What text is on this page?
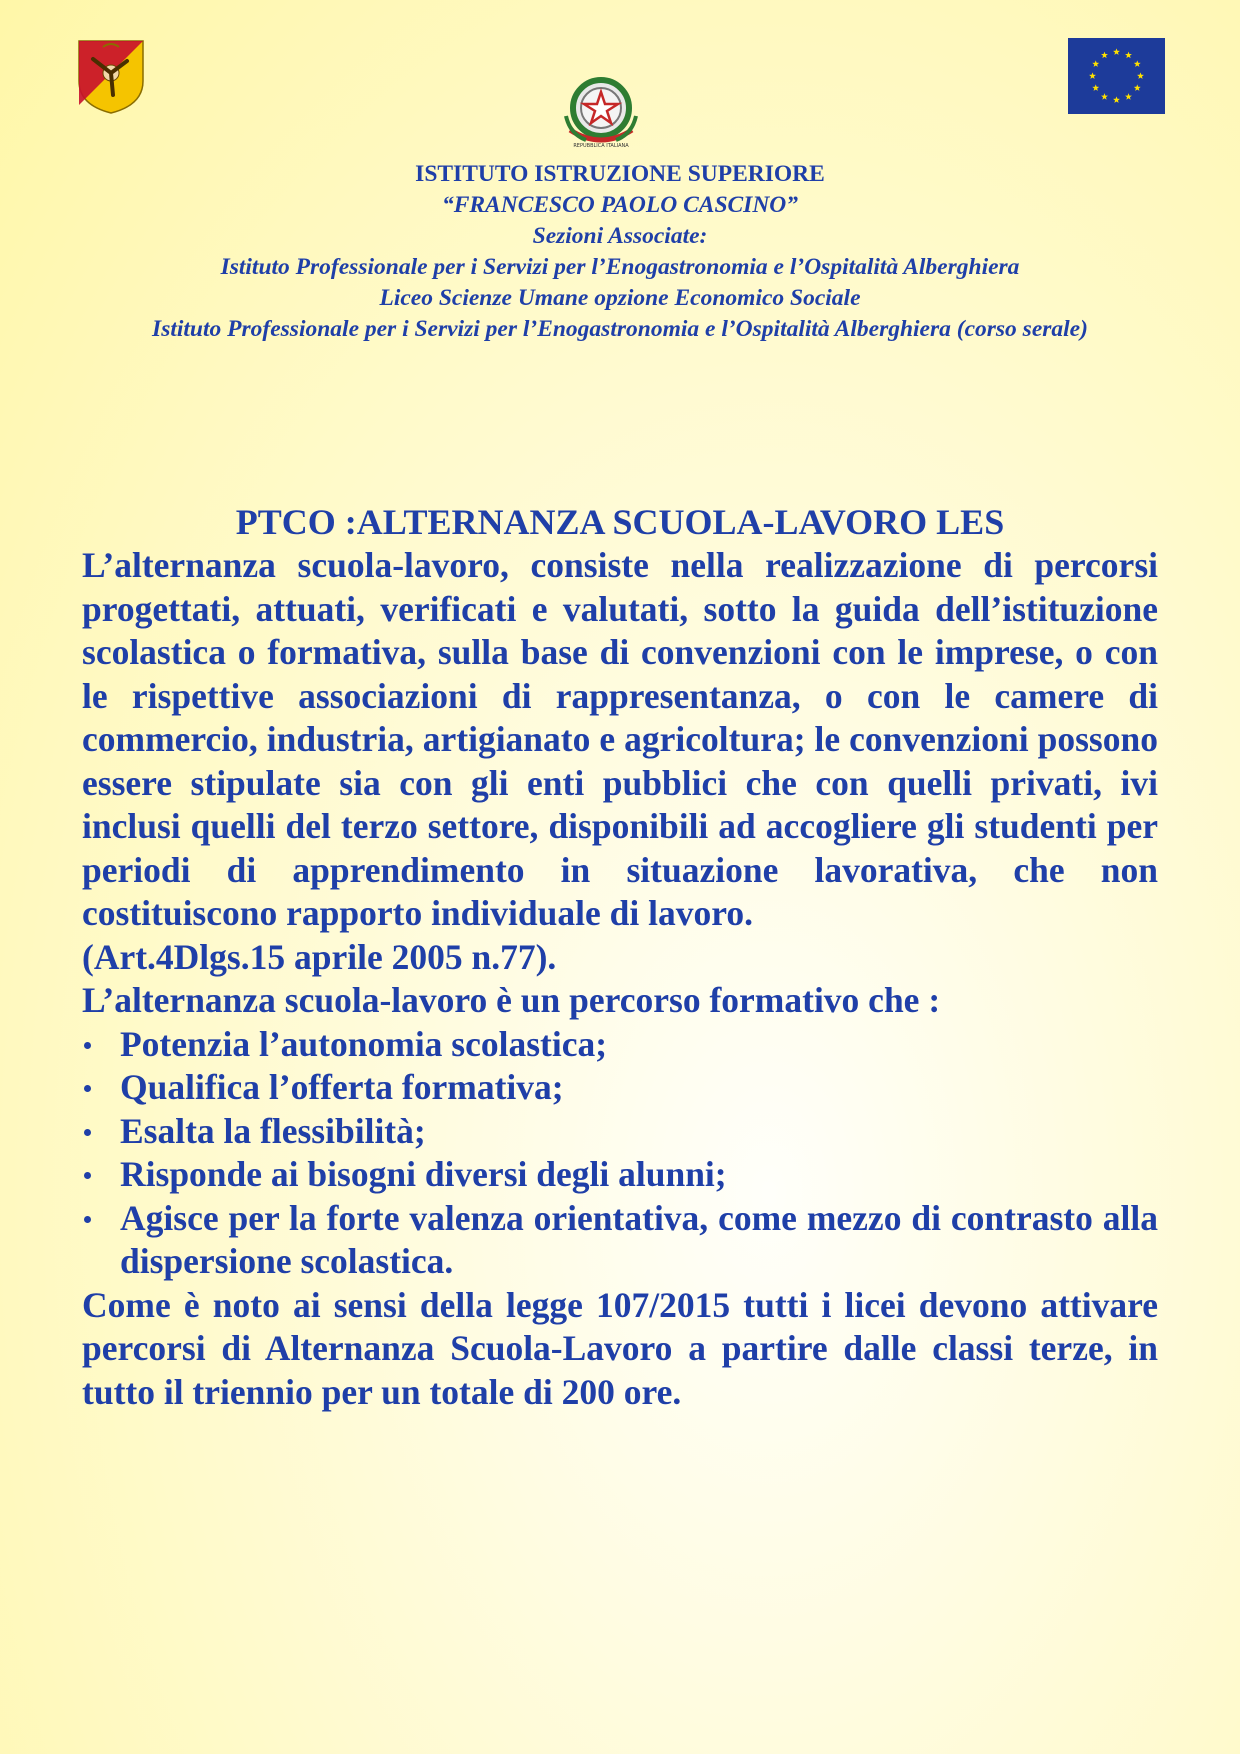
REPUBBLICA ITALIANA
ISTITUTO ISTRUZIONE SUPERIORE
“FRANCESCO PAOLO CASCINO”
Sezioni Associate:
Istituto Professionale per i Servizi per l’Enogastronomia e l’Ospitalità Alberghiera
Liceo Scienze Umane opzione Economico Sociale
Istituto Professionale per i Servizi per l’Enogastronomia e l’Ospitalità Alberghiera (corso serale)

PTCO :ALTERNANZA SCUOLA-LAVORO LES

L’alternanza scuola-lavoro, consiste nella realizzazione di percorsi progettati, attuati, verificati e valutati, sotto la guida dell’istituzione scolastica o formativa, sulla base di convenzioni con le imprese, o con le rispettive associazioni di rappresentanza, o con le camere di commercio, industria, artigianato e agricoltura; le convenzioni possono essere stipulate sia con gli enti pubblici che con quelli privati, ivi inclusi quelli del terzo settore, disponibili ad accogliere gli studenti per periodi di apprendimento in situazione lavorativa, che non costituiscono rapporto individuale di lavoro.

(Art.4Dlgs.15 aprile 2005 n.77).

L’alternanza scuola-lavoro è un percorso formativo che :

Potenzia l’autonomia scolastica;
Qualifica l’offerta formativa;
Esalta la flessibilità;
Risponde ai bisogni diversi degli alunni;
Agisce per la forte valenza orientativa, come mezzo di contrasto alla dispersione scolastica.

Come è noto ai sensi della legge 107/2015 tutti i licei devono attivare percorsi di Alternanza Scuola-Lavoro a partire dalle classi terze, in tutto il triennio per un totale di 200 ore.
